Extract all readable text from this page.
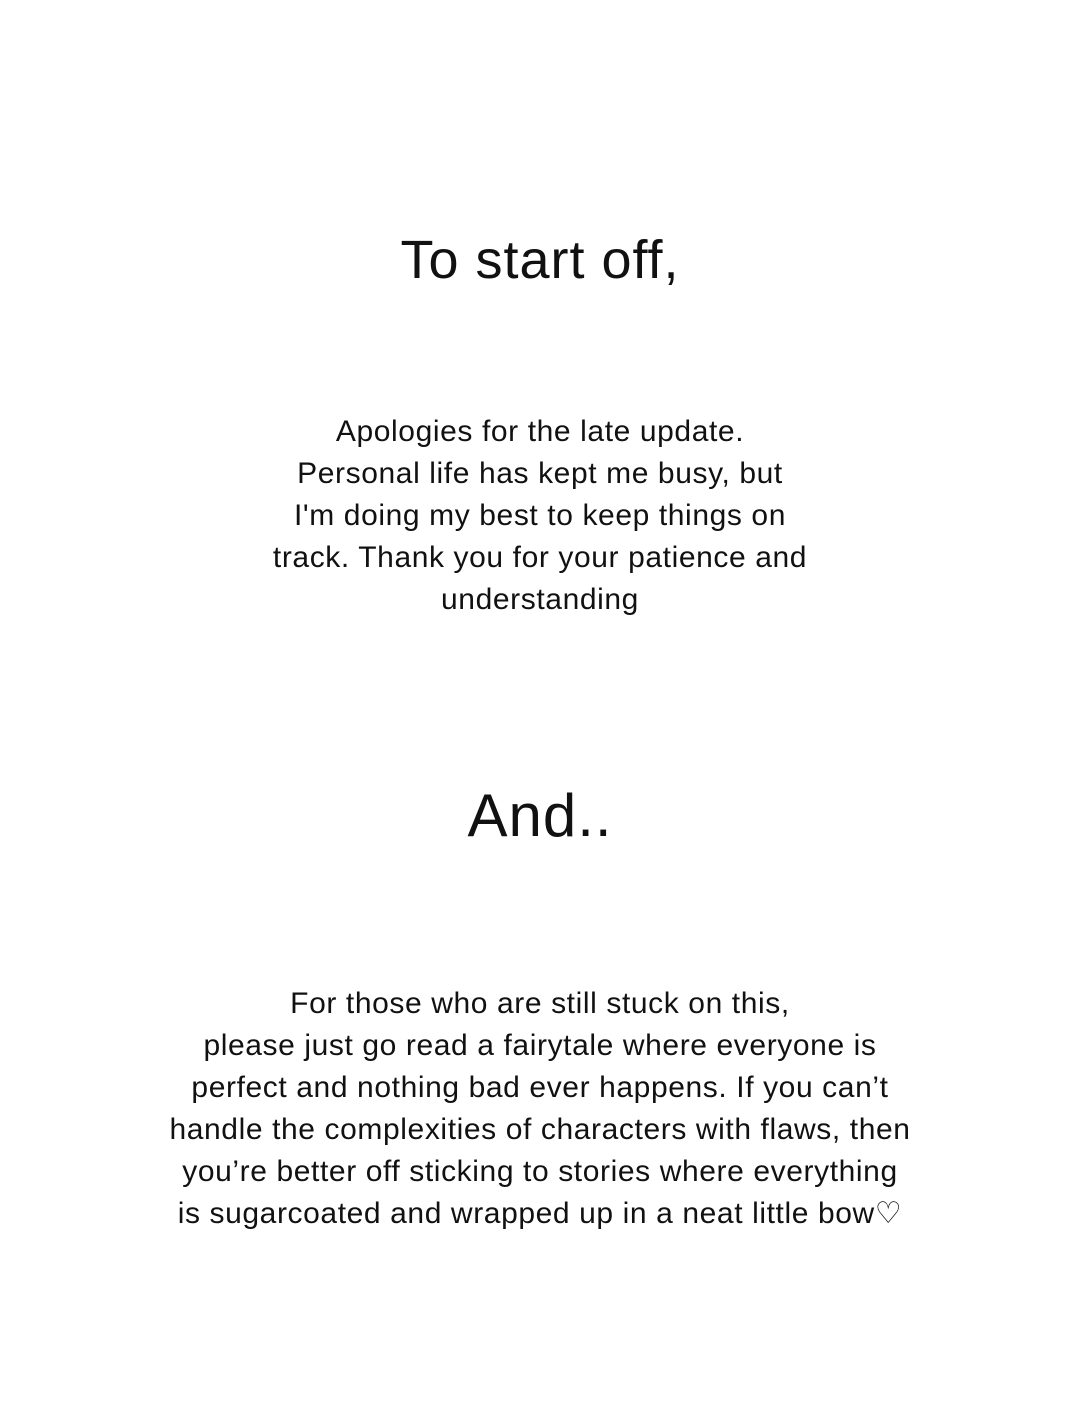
To start off,

Apologies for the late update.
Personal life has kept me busy, but
I'm doing my best to keep things on
track. Thank you for your patience and
understanding

And..

For those who are still stuck on this,
please just go read a fairytale where everyone is
perfect and nothing bad ever happens. If you can’t
handle the complexities of characters with flaws, then
you’re better off sticking to stories where everything
is sugarcoated and wrapped up in a neat little bow♡
